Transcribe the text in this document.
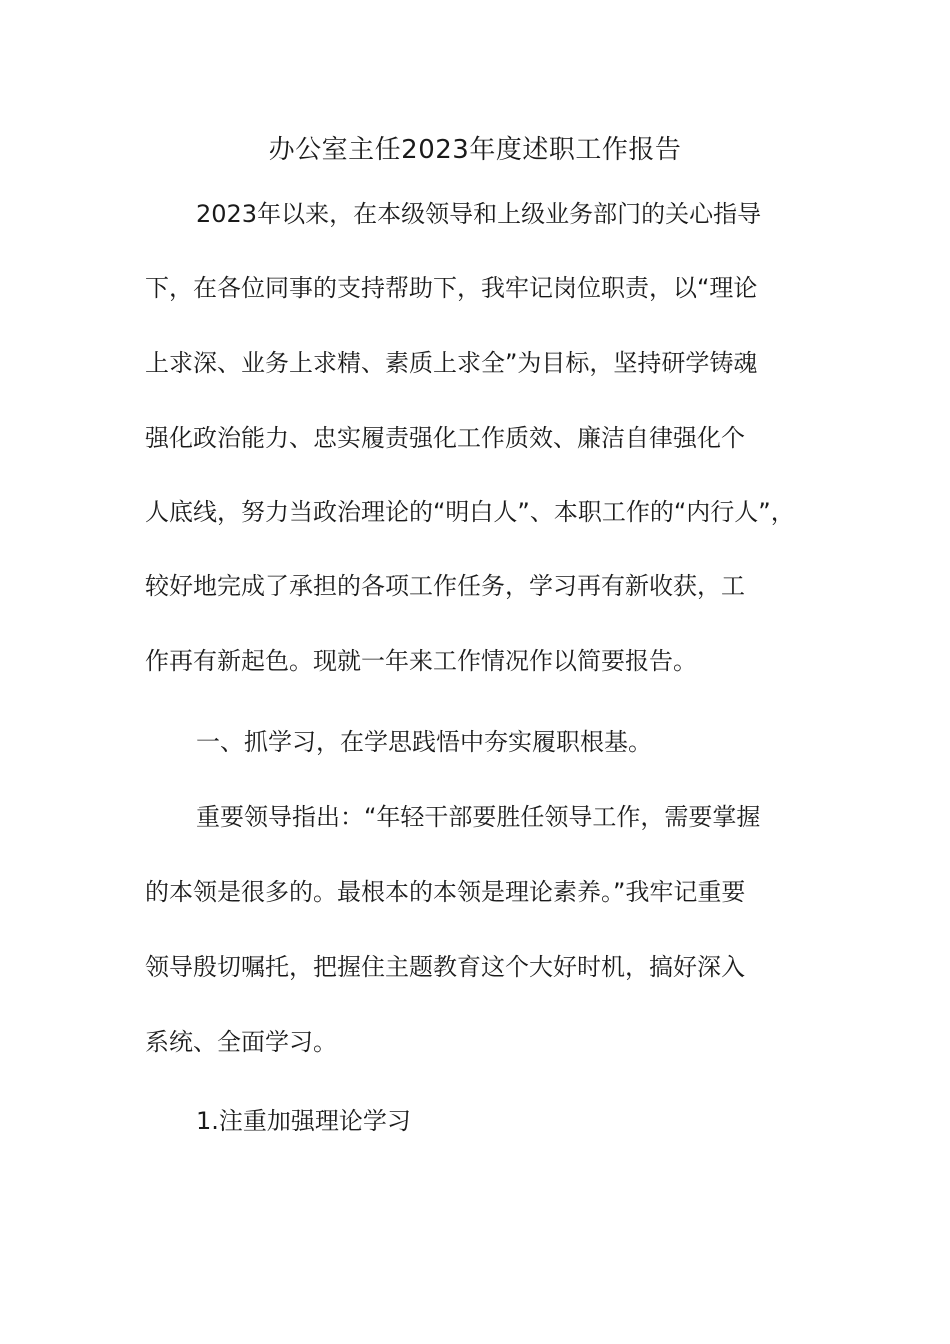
办公室主任2023年度述职工作报告

2023年以来，在本级领导和上级业务部门的关心指导

下，在各位同事的支持帮助下，我牢记岗位职责，以“理论

上求深、业务上求精、素质上求全”为目标，坚持研学铸魂

强化政治能力、忠实履责强化工作质效、廉洁自律强化个

人底线，努力当政治理论的“明白人”、本职工作的“内行人”，

较好地完成了承担的各项工作任务，学习再有新收获，工

作再有新起色。现就一年来工作情况作以简要报告。

一、抓学习，在学思践悟中夯实履职根基。

重要领导指出：“年轻干部要胜任领导工作，需要掌握

的本领是很多的。最根本的本领是理论素养。”我牢记重要

领导殷切嘱托，把握住主题教育这个大好时机，搞好深入

系统、全面学习。

1.注重加强理论学习
